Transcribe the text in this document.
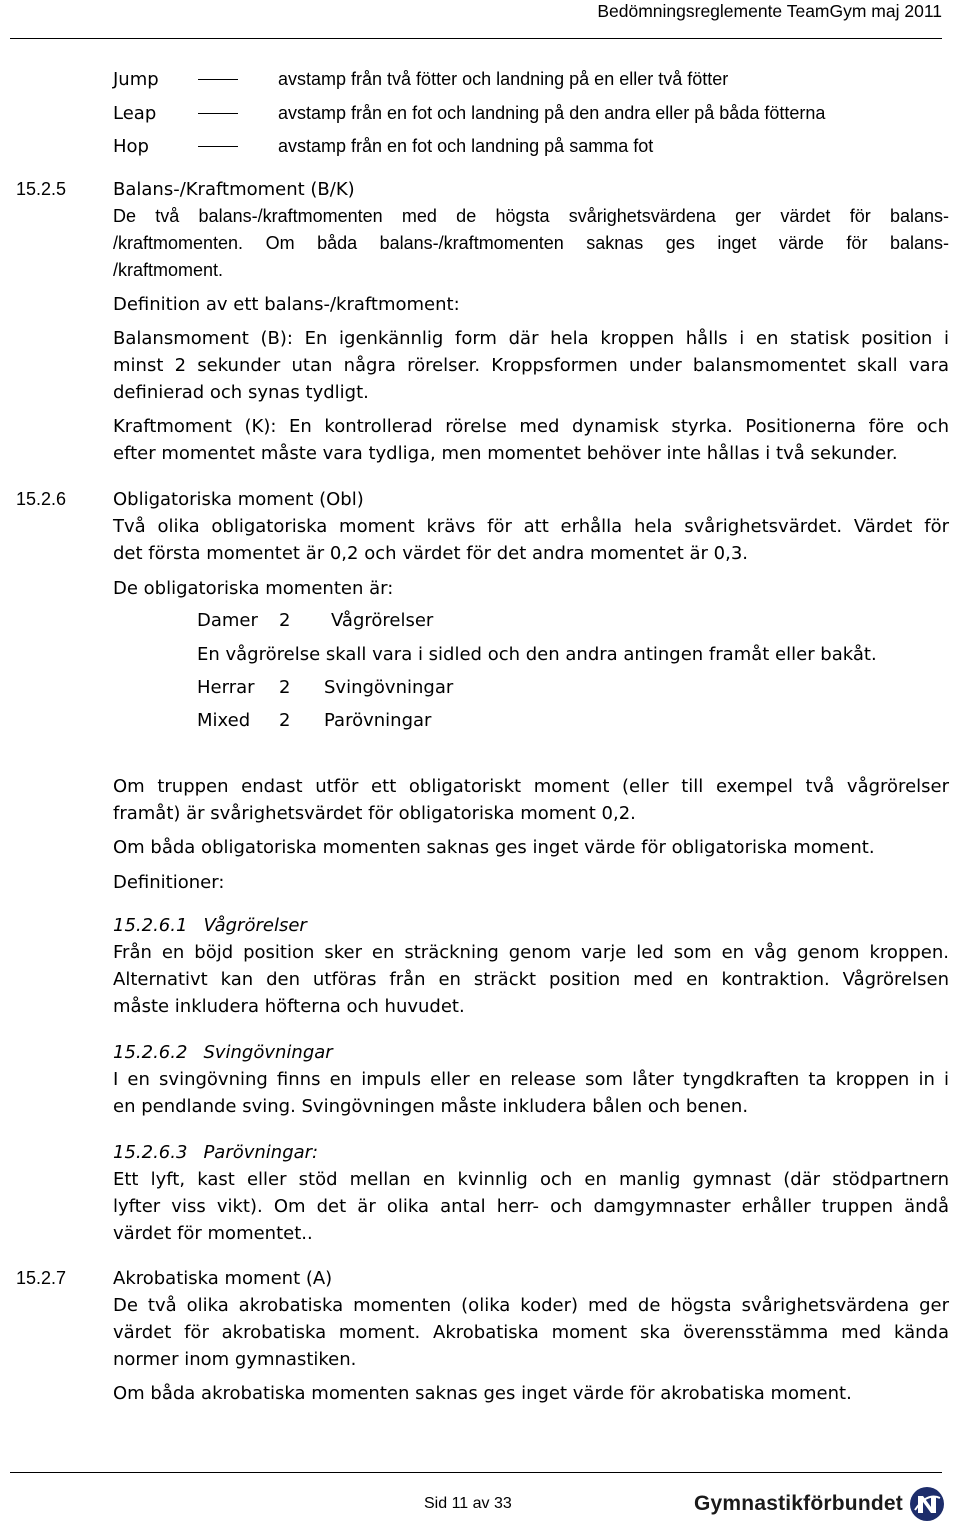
Bedömningsreglemente TeamGym maj 2011
Jump	avstamp från två fötter och landning på en eller två fötter
Leap	avstamp från en fot och landning på den andra eller på båda fötterna
Hop	avstamp från en fot och landning på samma fot
15.2.5	Balans-/Kraftmoment (B/K)
De två balans-/kraftmomenten med de högsta svårighetsvärdena ger värdet för balans-
/kraftmomenten. Om båda balans-/kraftmomenten saknas ges inget värde för balans-
/kraftmoment.
Definition av ett balans-/kraftmoment:
Balansmoment (B): En igenkännlig form där hela kroppen hålls i en statisk position i
minst 2 sekunder utan några rörelser. Kroppsformen under balansmomentet skall vara
definierad och synas tydligt.
Kraftmoment (K): En kontrollerad rörelse med dynamisk styrka. Positionerna före och
efter momentet måste vara tydliga, men momentet behöver inte hållas i två sekunder.
15.2.6	Obligatoriska moment (Obl)
Två olika obligatoriska moment krävs för att erhålla hela svårighetsvärdet. Värdet för
det första momentet är 0,2 och värdet för det andra momentet är 0,3.
De obligatoriska momenten är:
Damer 2 Vågrörelser
En vågrörelse skall vara i sidled och den andra antingen framåt eller bakåt.
Herrar 2 Svingövningar
Mixed 2 Parövningar
Om truppen endast utför ett obligatoriskt moment (eller till exempel två vågrörelser
framåt) är svårighetsvärdet för obligatoriska moment 0,2.
Om båda obligatoriska momenten saknas ges inget värde för obligatoriska moment.
Definitioner:
15.2.6.1 Vågrörelser
Från en böjd position sker en sträckning genom varje led som en våg genom kroppen.
Alternativt kan den utföras från en sträckt position med en kontraktion. Vågrörelsen
måste inkludera höfterna och huvudet.
15.2.6.2 Svingövningar
I en svingövning finns en impuls eller en release som låter tyngdkraften ta kroppen in i
en pendlande sving. Svingövningen måste inkludera bålen och benen.
15.2.6.3 Parövningar:
Ett lyft, kast eller stöd mellan en kvinnlig och en manlig gymnast (där stödpartnern
lyfter viss vikt). Om det är olika antal herr- och damgymnaster erhåller truppen ändå
värdet för momentet..
15.2.7	Akrobatiska moment (A)
De två olika akrobatiska momenten (olika koder) med de högsta svårighetsvärdena ger
värdet för akrobatiska moment. Akrobatiska moment ska överensstämma med kända
normer inom gymnastiken.
Om båda akrobatiska momenten saknas ges inget värde för akrobatiska moment.
Sid 11 av 33	Gymnastikförbundet
